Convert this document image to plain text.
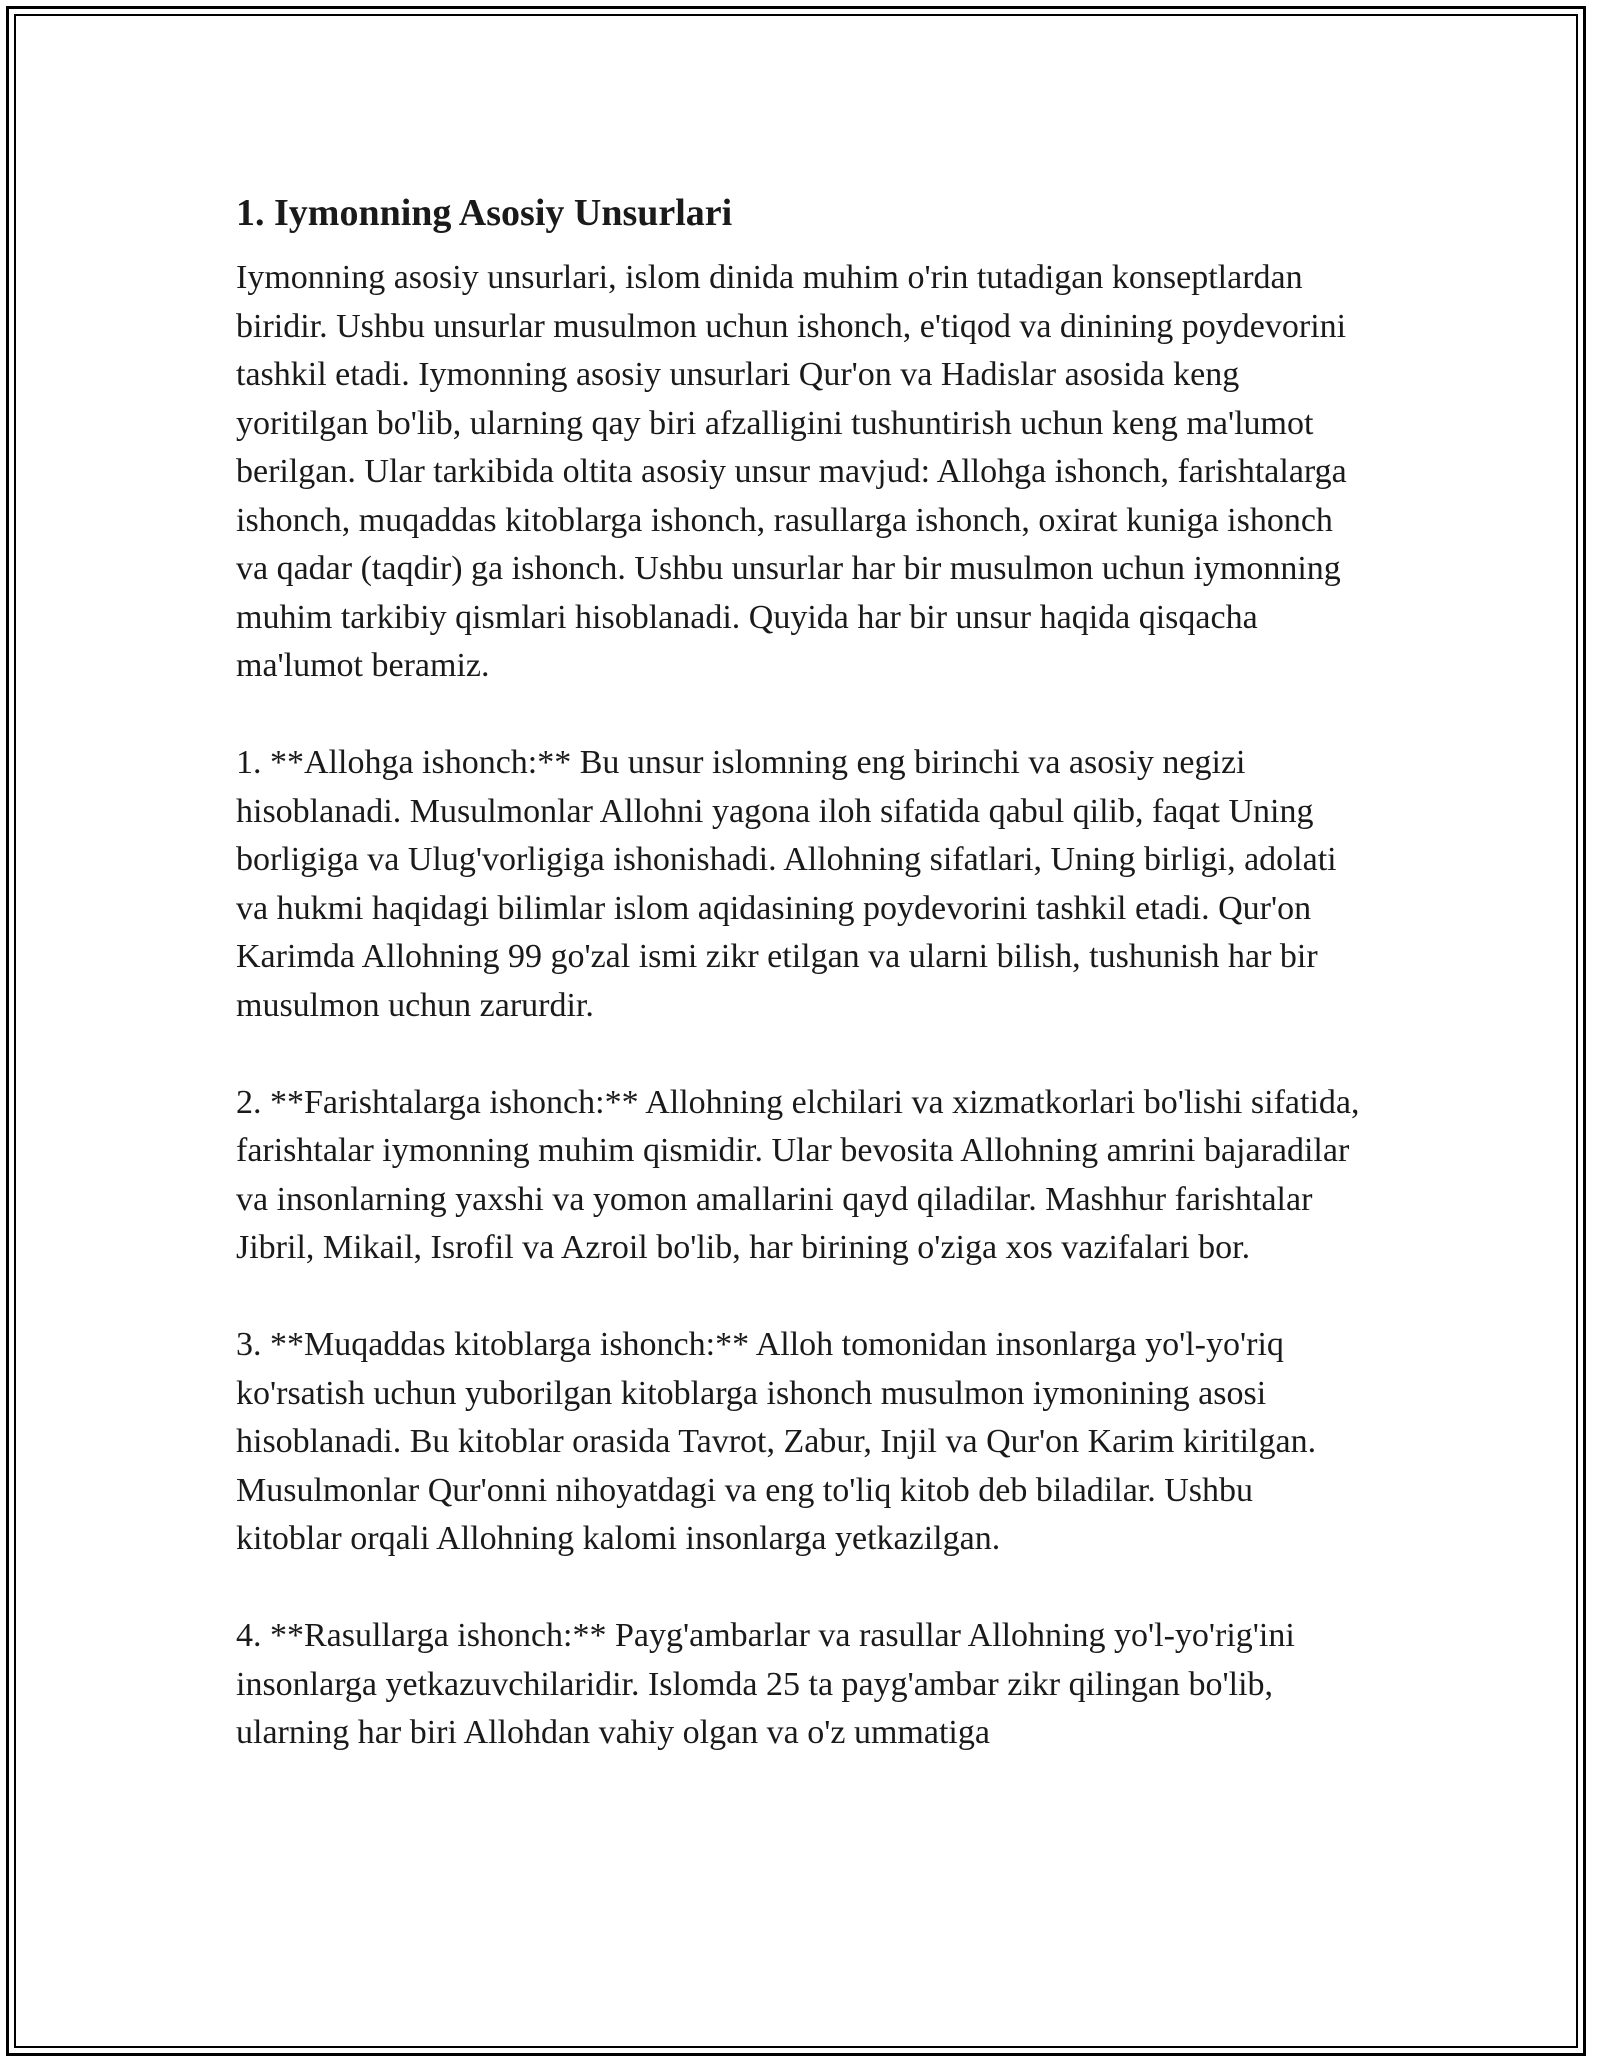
1. Iymonning Asosiy Unsurlari

Iymonning asosiy unsurlari, islom dinida muhim o'rin tutadigan konseptlardan biridir. Ushbu unsurlar musulmon uchun ishonch, e'tiqod va dinining poydevorini tashkil etadi. Iymonning asosiy unsurlari Qur'on va Hadislar asosida keng yoritilgan bo'lib, ularning qay biri afzalligini tushuntirish uchun keng ma'lumot berilgan. Ular tarkibida oltita asosiy unsur mavjud: Allohga ishonch, farishtalarga ishonch, muqaddas kitoblarga ishonch, rasullarga ishonch, oxirat kuniga ishonch va qadar (taqdir) ga ishonch. Ushbu unsurlar har bir musulmon uchun iymonning muhim tarkibiy qismlari hisoblanadi. Quyida har bir unsur haqida qisqacha ma'lumot beramiz.

1. **Allohga ishonch:** Bu unsur islomning eng birinchi va asosiy negizi hisoblanadi. Musulmonlar Allohni yagona iloh sifatida qabul qilib, faqat Uning borligiga va Ulug'vorligiga ishonishadi. Allohning sifatlari, Uning birligi, adolati va hukmi haqidagi bilimlar islom aqidasining poydevorini tashkil etadi. Qur'on Karimda Allohning 99 go'zal ismi zikr etilgan va ularni bilish, tushunish har bir musulmon uchun zarurdir.

2. **Farishtalarga ishonch:** Allohning elchilari va xizmatkorlari bo'lishi sifatida, farishtalar iymonning muhim qismidir. Ular bevosita Allohning amrini bajaradilar va insonlarning yaxshi va yomon amallarini qayd qiladilar. Mashhur farishtalar Jibril, Mikail, Isrofil va Azroil bo'lib, har birining o'ziga xos vazifalari bor.

3. **Muqaddas kitoblarga ishonch:** Alloh tomonidan insonlarga yo'l-yo'riq ko'rsatish uchun yuborilgan kitoblarga ishonch musulmon iymonining asosi hisoblanadi. Bu kitoblar orasida Tavrot, Zabur, Injil va Qur'on Karim kiritilgan. Musulmonlar Qur'onni nihoyatdagi va eng to'liq kitob deb biladilar. Ushbu kitoblar orqali Allohning kalomi insonlarga yetkazilgan.

4. **Rasullarga ishonch:** Payg'ambarlar va rasullar Allohning yo'l-yo'rig'ini insonlarga yetkazuvchilaridir. Islomda 25 ta payg'ambar zikr qilingan bo'lib, ularning har biri Allohdan vahiy olgan va o'z ummatiga
